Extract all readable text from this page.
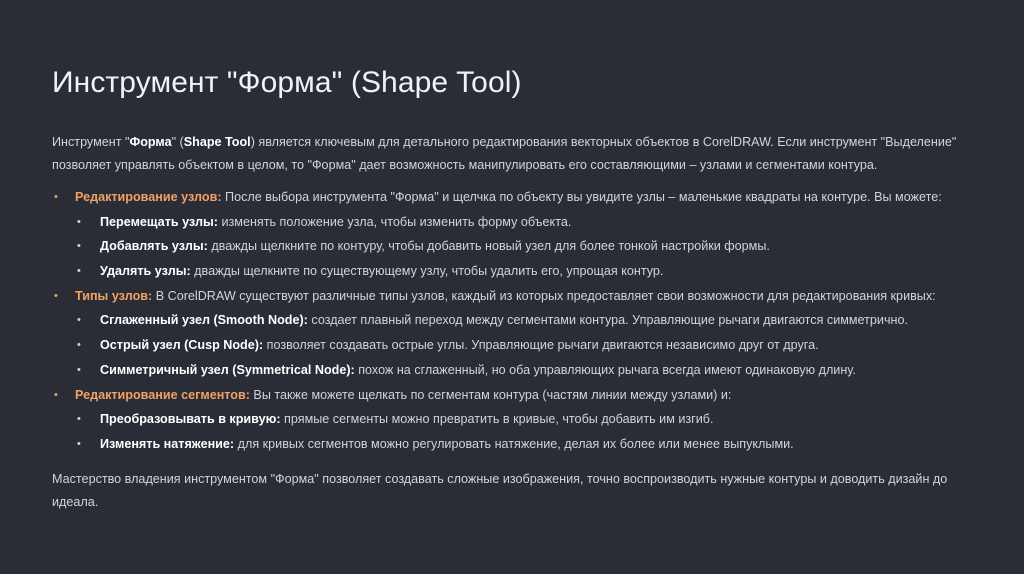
Инструмент "Форма" (Shape Tool)

Инструмент "Форма" (Shape Tool) является ключевым для детального редактирования векторных объектов в CorelDRAW. Если инструмент "Выделение" позволяет управлять объектом в целом, то "Форма" дает возможность манипулировать его составляющими – узлами и сегментами контура.

• Редактирование узлов: После выбора инструмента "Форма" и щелчка по объекту вы увидите узлы – маленькие квадраты на контуре. Вы можете:
• Перемещать узлы: изменять положение узла, чтобы изменить форму объекта.
• Добавлять узлы: дважды щелкните по контуру, чтобы добавить новый узел для более тонкой настройки формы.
• Удалять узлы: дважды щелкните по существующему узлу, чтобы удалить его, упрощая контур.
• Типы узлов: В CorelDRAW существуют различные типы узлов, каждый из которых предоставляет свои возможности для редактирования кривых:
• Сглаженный узел (Smooth Node): создает плавный переход между сегментами контура. Управляющие рычаги двигаются симметрично.
• Острый узел (Cusp Node): позволяет создавать острые углы. Управляющие рычаги двигаются независимо друг от друга.
• Симметричный узел (Symmetrical Node): похож на сглаженный, но оба управляющих рычага всегда имеют одинаковую длину.
• Редактирование сегментов: Вы также можете щелкать по сегментам контура (частям линии между узлами) и:
• Преобразовывать в кривую: прямые сегменты можно превратить в кривые, чтобы добавить им изгиб.
• Изменять натяжение: для кривых сегментов можно регулировать натяжение, делая их более или менее выпуклыми.

Мастерство владения инструментом "Форма" позволяет создавать сложные изображения, точно воспроизводить нужные контуры и доводить дизайн до идеала.
